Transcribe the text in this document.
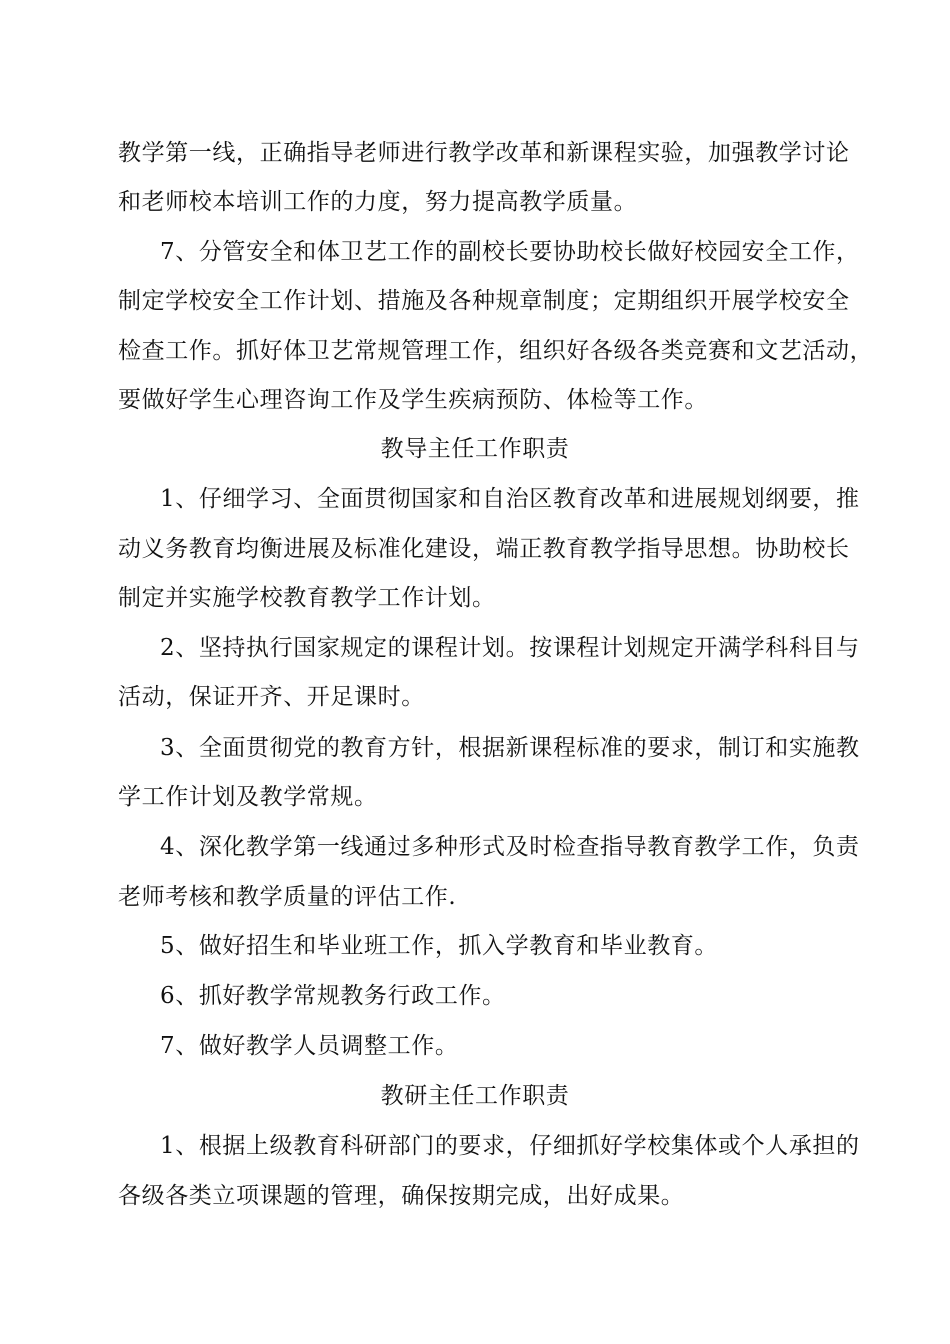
教学第一线，正确指导老师进行教学改革和新课程实验，加强教学讨论
和老师校本培训工作的力度，努力提高教学质量。
7、分管安全和体卫艺工作的副校长要协助校长做好校园安全工作，
制定学校安全工作计划、措施及各种规章制度；定期组织开展学校安全
检查工作。抓好体卫艺常规管理工作，组织好各级各类竞赛和文艺活动，
要做好学生心理咨询工作及学生疾病预防、体检等工作。
教导主任工作职责
1、仔细学习、全面贯彻国家和自治区教育改革和进展规划纲要，推
动义务教育均衡进展及标准化建设，端正教育教学指导思想。协助校长
制定并实施学校教育教学工作计划。
2、坚持执行国家规定的课程计划。按课程计划规定开满学科科目与
活动，保证开齐、开足课时。
3、全面贯彻党的教育方针，根据新课程标准的要求，制订和实施教
学工作计划及教学常规。
4、深化教学第一线通过多种形式及时检查指导教育教学工作，负责
老师考核和教学质量的评估工作.
5、做好招生和毕业班工作，抓入学教育和毕业教育。
6、抓好教学常规教务行政工作。
7、做好教学人员调整工作。
教研主任工作职责
1、根据上级教育科研部门的要求，仔细抓好学校集体或个人承担的
各级各类立项课题的管理，确保按期完成，出好成果。
